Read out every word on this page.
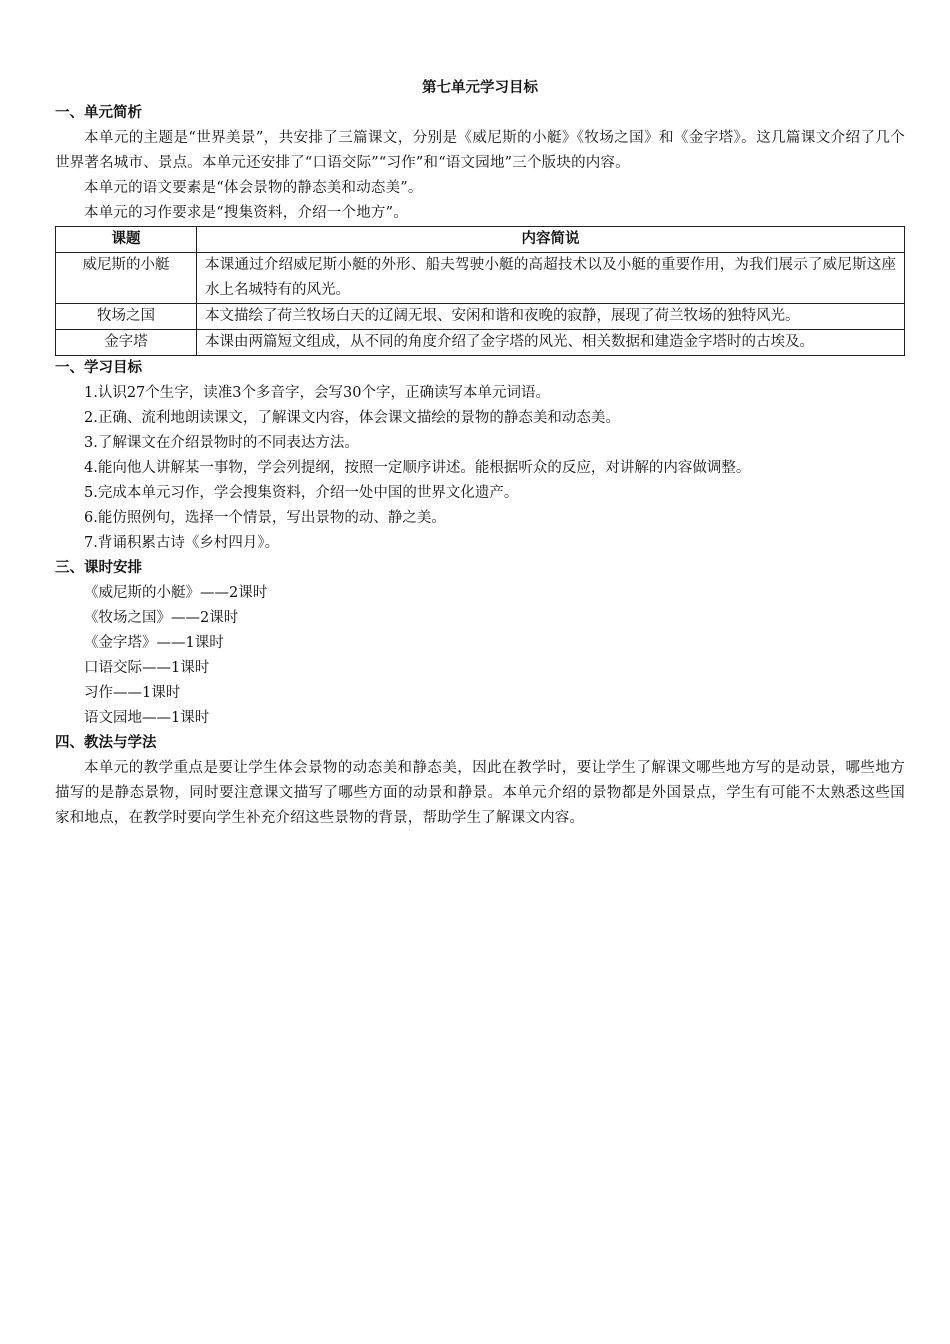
第七单元学习目标
一、单元简析

本单元的主题是“世界美景”，共安排了三篇课文，分别是《威尼斯的小艇》《牧场之国》和《金字塔》。这几篇课文介绍了几个世界著名城市、景点。本单元还安排了“口语交际”“习作”和“语文园地”三个版块的内容。

本单元的语文要素是“体会景物的静态美和动态美”。

本单元的习作要求是“搜集资料，介绍一个地方”。

课题	内容简说
威尼斯的小艇	本课通过介绍威尼斯小艇的外形、船夫驾驶小艇的高超技术以及小艇的重要作用，为我们展示了威尼斯这座水上名城特有的风光。
牧场之国	本文描绘了荷兰牧场白天的辽阔无垠、安闲和谐和夜晚的寂静，展现了荷兰牧场的独特风光。
金字塔	本课由两篇短文组成，从不同的角度介绍了金字塔的风光、相关数据和建造金字塔时的古埃及。
一、学习目标

1.认识27个生字，读准3个多音字，会写30个字，正确读写本单元词语。

2.正确、流利地朗读课文，了解课文内容，体会课文描绘的景物的静态美和动态美。

3.了解课文在介绍景物时的不同表达方法。

4.能向他人讲解某一事物，学会列提纲，按照一定顺序讲述。能根据听众的反应，对讲解的内容做调整。

5.完成本单元习作，学会搜集资料，介绍一处中国的世界文化遗产。

6.能仿照例句，选择一个情景，写出景物的动、静之美。

7.背诵积累古诗《乡村四月》。

三、课时安排

《威尼斯的小艇》——2课时

《牧场之国》——2课时

《金字塔》——1课时

口语交际——1课时

习作——1课时

语文园地——1课时

四、教法与学法

本单元的教学重点是要让学生体会景物的动态美和静态美，因此在教学时，要让学生了解课文哪些地方写的是动景，哪些地方描写的是静态景物，同时要注意课文描写了哪些方面的动景和静景。本单元介绍的景物都是外国景点，学生有可能不太熟悉这些国家和地点，在教学时要向学生补充介绍这些景物的背景，帮助学生了解课文内容。
